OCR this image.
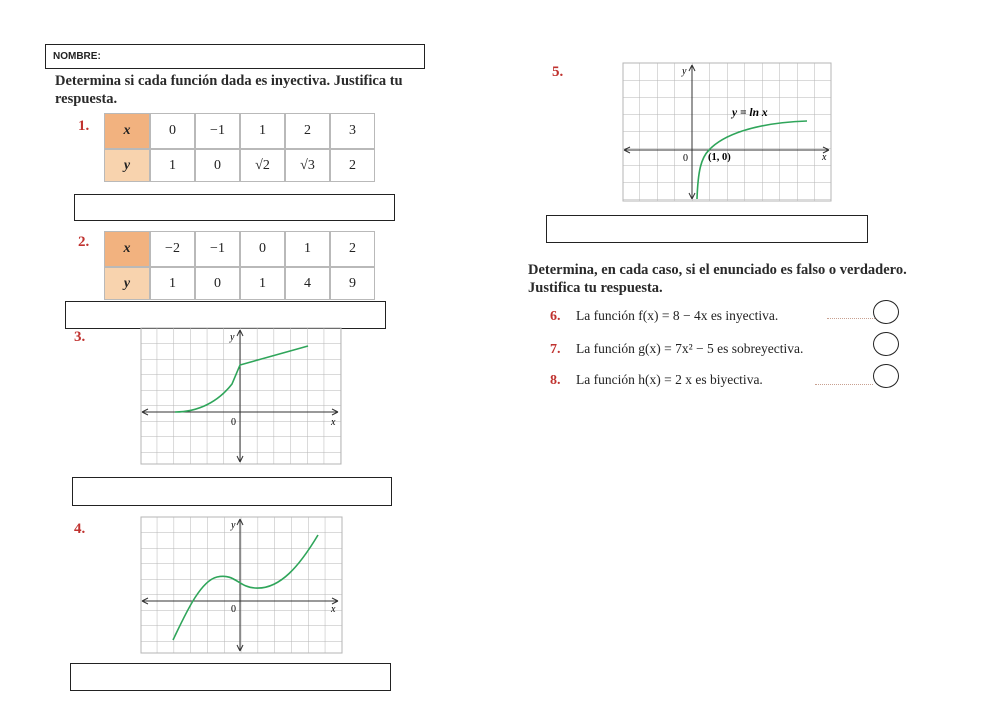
NOMBRE:
Determina si cada función dada es inyectiva. Justifica tu respuesta.
1. x	0	−1	1	2	3
y	1	0	√2	√3	2
2. x	−2	−1	0	1	2
y	1	0	1	4	9
3.	y
x
0
4.	y
x
0
5.	y
x
0 (1, 0)
y = ln x
Determina, en cada caso, si el enunciado es falso o verdadero. Justifica tu respuesta.
6. La función f(x) = 8 − 4x es inyectiva.
7. La función g(x) = 7x² − 5 es sobreyectiva.
8. La función h(x) = 2 x es biyectiva.
